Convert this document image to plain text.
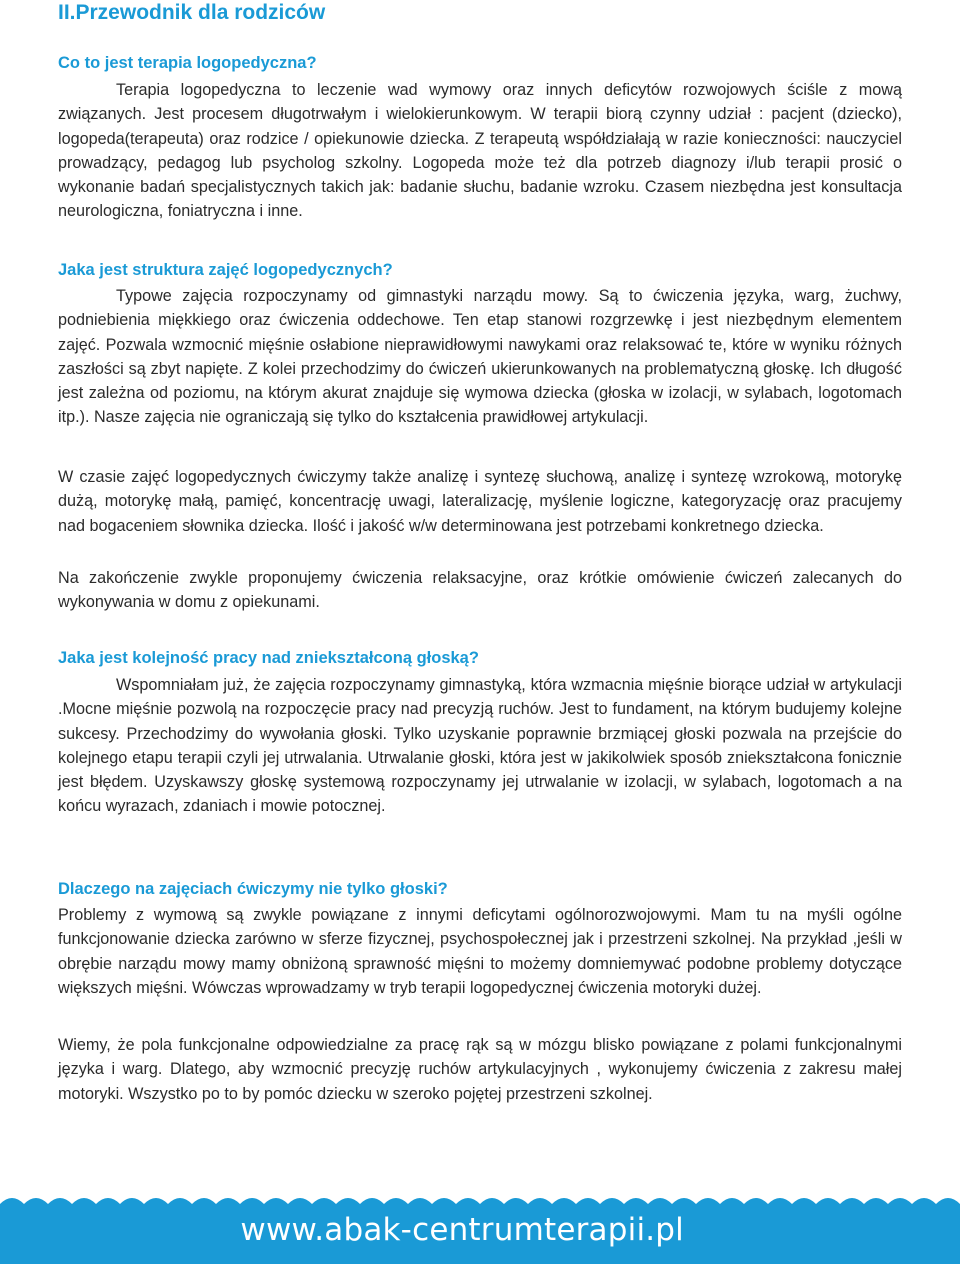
II.Przewodnik dla rodziców
Co to jest terapia logopedyczna?

Terapia logopedyczna to leczenie wad wymowy oraz innych deficytów rozwojowych ściśle z mową związanych. Jest procesem długotrwałym i wielokierunkowym. W terapii biorą czynny udział : pacjent (dziecko), logopeda(terapeuta) oraz rodzice / opiekunowie dziecka. Z terapeutą współdziałają w razie konieczności: nauczyciel prowadzący, pedagog lub psycholog szkolny. Logopeda może też dla potrzeb diagnozy i/lub terapii prosić o wykonanie badań specjalistycznych takich jak: badanie słuchu, badanie wzroku. Czasem niezbędna jest konsultacja neurologiczna, foniatryczna i inne.

Jaka jest struktura zajęć logopedycznych?

Typowe zajęcia rozpoczynamy od gimnastyki narządu mowy. Są to ćwiczenia języka, warg, żuchwy, podniebienia miękkiego oraz ćwiczenia oddechowe. Ten etap stanowi rozgrzewkę i jest niezbędnym elementem zajęć. Pozwala wzmocnić mięśnie osłabione nieprawidłowymi nawykami oraz relaksować te, które w wyniku różnych zaszłości są zbyt napięte. Z kolei przechodzimy do ćwiczeń ukierunkowanych na problematyczną głoskę. Ich długość jest zależna od poziomu, na którym akurat znajduje się wymowa dziecka (głoska w izolacji, w sylabach, logotomach itp.). Nasze zajęcia nie ograniczają się tylko do kształcenia prawidłowej artykulacji.

W czasie zajęć logopedycznych ćwiczymy także analizę i syntezę słuchową, analizę i syntezę wzrokową, motorykę dużą, motorykę małą, pamięć, koncentrację uwagi, lateralizację, myślenie logiczne, kategoryzację oraz pracujemy nad bogaceniem słownika dziecka. Ilość i jakość w/w determinowana jest potrzebami konkretnego dziecka.

Na zakończenie zwykle proponujemy ćwiczenia relaksacyjne, oraz krótkie omówienie ćwiczeń zalecanych do wykonywania w domu z opiekunami.

Jaka jest kolejność pracy nad zniekształconą głoską?

Wspomniałam już, że zajęcia rozpoczynamy gimnastyką, która wzmacnia mięśnie biorące udział w artykulacji .Mocne mięśnie pozwolą na rozpoczęcie pracy nad precyzją ruchów. Jest to fundament, na którym budujemy kolejne sukcesy. Przechodzimy do wywołania głoski. Tylko uzyskanie poprawnie brzmiącej głoski pozwala na przejście do kolejnego etapu terapii czyli jej utrwalania. Utrwalanie głoski, która jest w jakikolwiek sposób zniekształcona fonicznie jest błędem. Uzyskawszy głoskę systemową rozpoczynamy jej utrwalanie w izolacji, w sylabach, logotomach a na końcu wyrazach, zdaniach i mowie potocznej.

Dlaczego na zajęciach ćwiczymy nie tylko głoski?

Problemy z wymową są zwykle powiązane z innymi deficytami ogólnorozwojowymi. Mam tu na myśli ogólne funkcjonowanie dziecka zarówno w sferze fizycznej, psychospołecznej jak i przestrzeni szkolnej. Na przykład ,jeśli w obrębie narządu mowy mamy obniżoną sprawność mięśni to możemy domniemywać podobne problemy dotyczące większych mięśni. Wówczas wprowadzamy w tryb terapii logopedycznej ćwiczenia motoryki dużej.

Wiemy, że pola funkcjonalne odpowiedzialne za pracę rąk są w mózgu blisko powiązane z polami funkcjonalnymi języka i warg. Dlatego, aby wzmocnić precyzję ruchów artykulacyjnych , wykonujemy ćwiczenia z zakresu małej motoryki. Wszystko po to by pomóc dziecku w szeroko pojętej przestrzeni szkolnej.

www.abak-centrumterapii.pl
